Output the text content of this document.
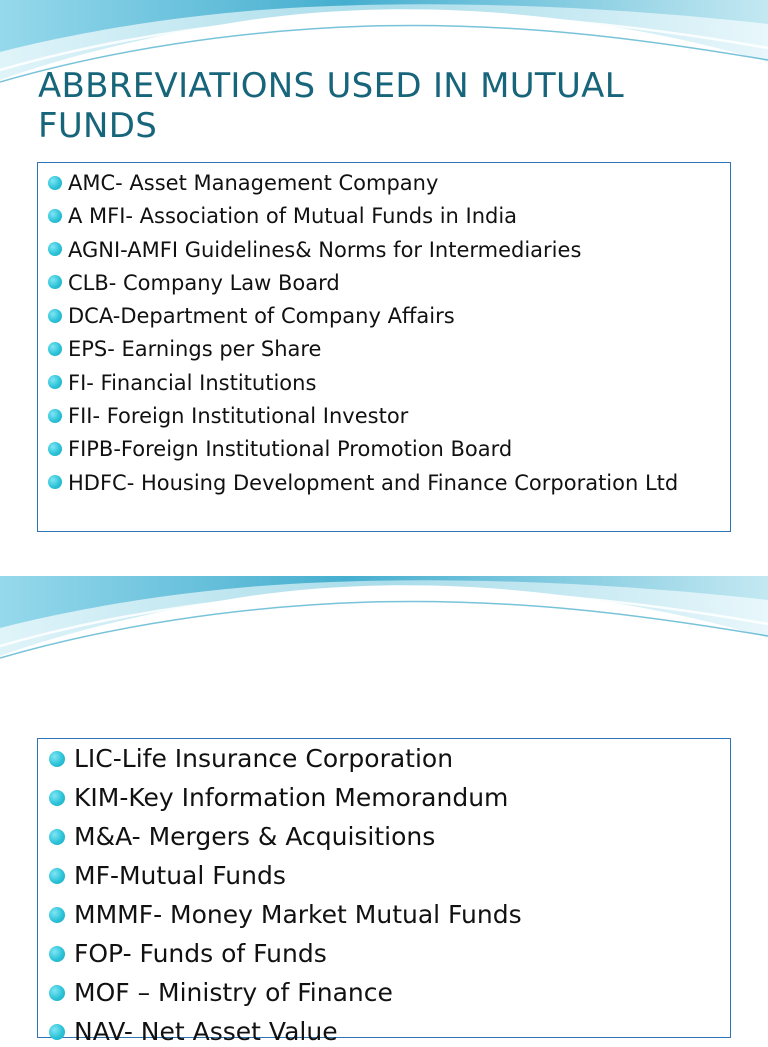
ABBREVIATIONS USED IN MUTUAL FUNDS
AMC- Asset Management Company
A MFI- Association of Mutual Funds in India
AGNI-AMFI Guidelines& Norms for Intermediaries
CLB- Company Law Board
DCA-Department of Company Affairs
EPS- Earnings per Share
FI- Financial Institutions
FII- Foreign Institutional Investor
FIPB-Foreign Institutional Promotion Board
HDFC- Housing Development and Finance Corporation Ltd
LIC-Life Insurance Corporation
KIM-Key Information Memorandum
M&A- Mergers & Acquisitions
MF-Mutual Funds
MMMF- Money Market Mutual Funds
FOP- Funds of Funds
MOF – Ministry of Finance
NAV- Net Asset Value
